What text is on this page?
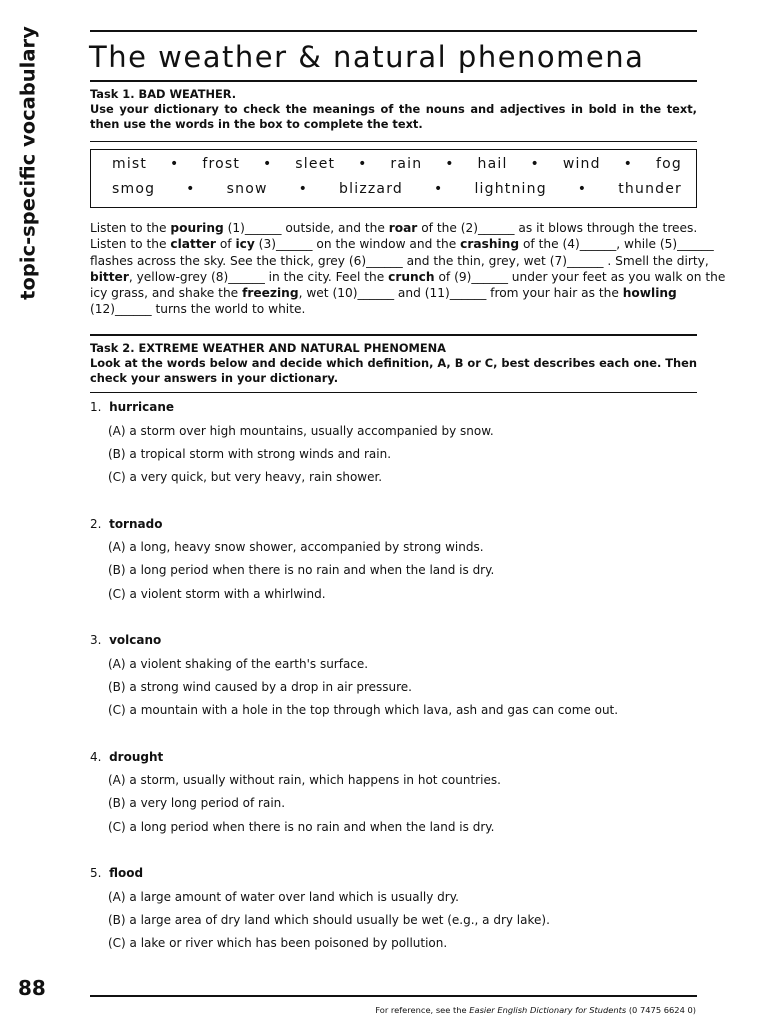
topic-specific vocabulary The weather & natural phenomena
Task 1. BAD WEATHER.
Use your dictionary to check the meanings of the nouns and adjectives in bold in the text,
then use the words in the box to complete the text.
mist • frost • sleet • rain • hail • wind • fog
smog • snow • blizzard • lightning • thunder
Listen to the pouring (1)______ outside, and the roar of the (2)______ as it blows through the trees.
Listen to the clatter of icy (3)______ on the window and the crashing of the (4)______, while (5)______
flashes across the sky. See the thick, grey (6)______ and the thin, grey, wet (7)______ . Smell the dirty,
bitter, yellow-grey (8)______ in the city. Feel the crunch of (9)______ under your feet as you walk on the
icy grass, and shake the freezing, wet (10)______ and (11)______ from your hair as the howling
(12)______ turns the world to white.
Task 2. EXTREME WEATHER AND NATURAL PHENOMENA
Look at the words below and decide which definition, A, B or C, best describes each one. Then
check your answers in your dictionary.
1.  hurricane
(A) a storm over high mountains, usually accompanied by snow.
(B) a tropical storm with strong winds and rain.
(C) a very quick, but very heavy, rain shower.
2.  tornado
(A) a long, heavy snow shower, accompanied by strong winds.
(B) a long period when there is no rain and when the land is dry.
(C) a violent storm with a whirlwind.
3.  volcano
(A) a violent shaking of the earth's surface.
(B) a strong wind caused by a drop in air pressure.
(C) a mountain with a hole in the top through which lava, ash and gas can come out.
4.  drought
(A) a storm, usually without rain, which happens in hot countries.
(B) a very long period of rain.
(C) a long period when there is no rain and when the land is dry.
5.  flood
(A) a large amount of water over land which is usually dry.
(B) a large area of dry land which should usually be wet (e.g., a dry lake).
(C) a lake or river which has been poisoned by pollution.
88
For reference, see the Easier English Dictionary for Students (0 7475 6624 0)
